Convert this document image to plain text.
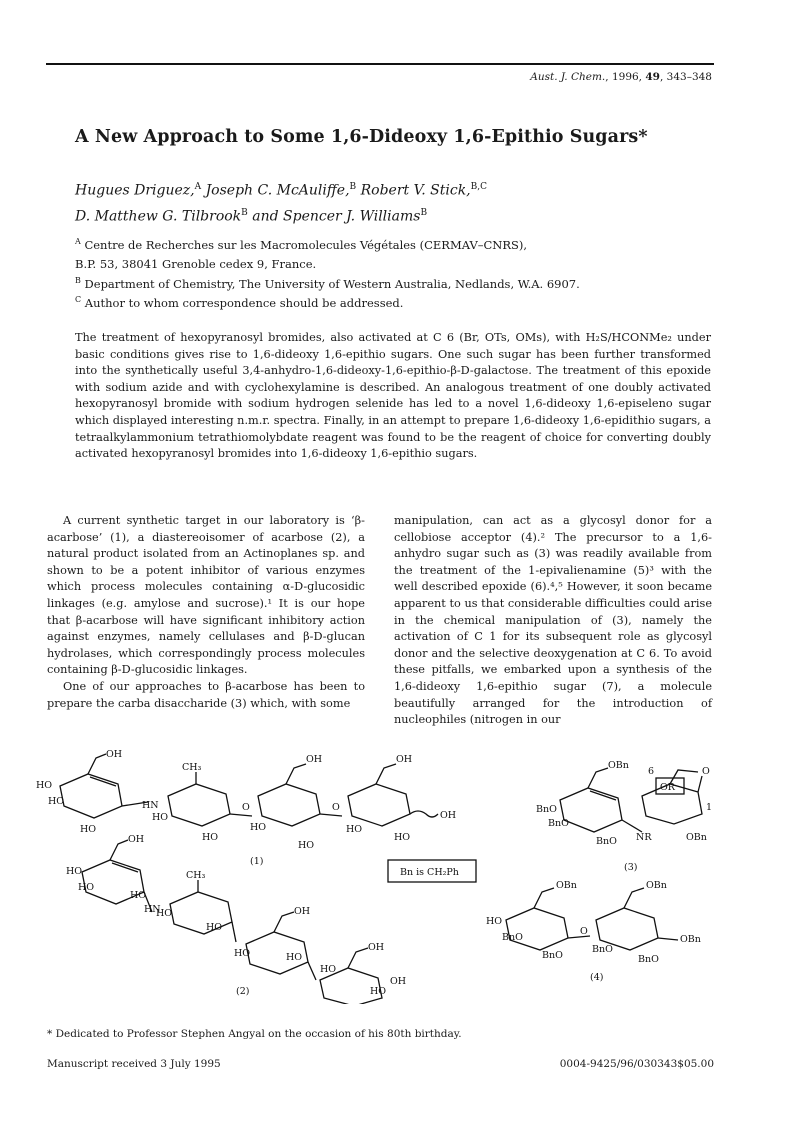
Aust. J. Chem., 1996, 49, 343–348
A New Approach to Some 1,6-Dideoxy 1,6-Epithio Sugars*
Hugues Driguez,$^A$ Joseph C. McAuliffe,$^B$ Robert V. Stick,$^{B,C}$
D. Matthew G. Tilbrook$^B$ and Spencer J. Williams$^B$
$^A$ Centre de Recherches sur les Macromolecules Végétales (CERMAV–CNRS),
B.P. 53, 38041 Grenoble cedex 9, France.
$^B$ Department of Chemistry, The University of Western Australia, Nedlands, W.A. 6907.
$^C$ Author to whom correspondence should be addressed.
The treatment of hexopyranosyl bromides, also activated at C 6 (Br, OTs, OMs), with H₂S/HCONMe₂ under basic conditions gives rise to 1,6-dideoxy 1,6-epithio sugars. One such sugar has been further transformed into the synthetically useful 3,4-anhydro-1,6-dideoxy-1,6-epithio-β-D-galactose. The treatment of this epoxide with sodium azide and with cyclohexylamine is described. An analogous treatment of one doubly activated hexopyranosyl bromide with sodium hydrogen selenide has led to a novel 1,6-dideoxy 1,6-episeleno sugar which displayed interesting n.m.r. spectra. Finally, in an attempt to prepare 1,6-dideoxy 1,6-epidithio sugars, a tetraalkylammonium tetrathiomolybdate reagent was found to be the reagent of choice for converting doubly activated hexopyranosyl bromides into 1,6-dideoxy 1,6-epithio sugars.

A current synthetic target in our laboratory is ‘β-acarbose’ (1), a diastereoisomer of acarbose (2), a natural product isolated from an Actinoplanes sp. and shown to be a potent inhibitor of various enzymes which process molecules containing α-D-glucosidic linkages (e.g. amylose and sucrose).¹ It is our hope that β-acarbose will have significant inhibitory action against enzymes, namely cellulases and β-D-glucan hydrolases, which correspondingly process molecules containing β-D-glucosidic linkages.

One of our approaches to β-acarbose has been to prepare the carba disaccharide (3) which, with some

manipulation, can act as a glycosyl donor for a cellobiose acceptor (4).² The precursor to a 1,6-anhydro sugar such as (3) was readily available from the treatment of the 1-epivalienamine (5)³ with the well described epoxide (6).⁴,⁵ However, it soon became apparent to us that considerable difficulties could arise in the chemical manipulation of (3), namely the activation of C 1 for its subsequent role as glycosyl donor and the selective deoxygenation at C 6. To avoid these pitfalls, we embarked upon a synthesis of the 1,6-dideoxy 1,6-epithio sugar (7), a molecule beautifully arranged for the introduction of nucleophiles (nitrogen in our

OH
HO
HO
HO
HN
CH₃
HO
HO
O
OH
HO
HO
O
OH
HO
HO
OH
(1)
OH
HO
HO
HO
HN
CH₃
HO
HO
OH
HO	HO
OH
HO
HO
OH
(2)
Bn is CH₂Ph
OBn
BnO
BnO
BnO NR
OR
6	O
1
OBn
(3)
OBn
HO
BnO
BnO
O
OBn
BnO
BnO
OBn
(4)
* Dedicated to Professor Stephen Angyal on the occasion of his 80th birthday.
Manuscript received 3 July 1995	0004-9425/96/030343$05.00
